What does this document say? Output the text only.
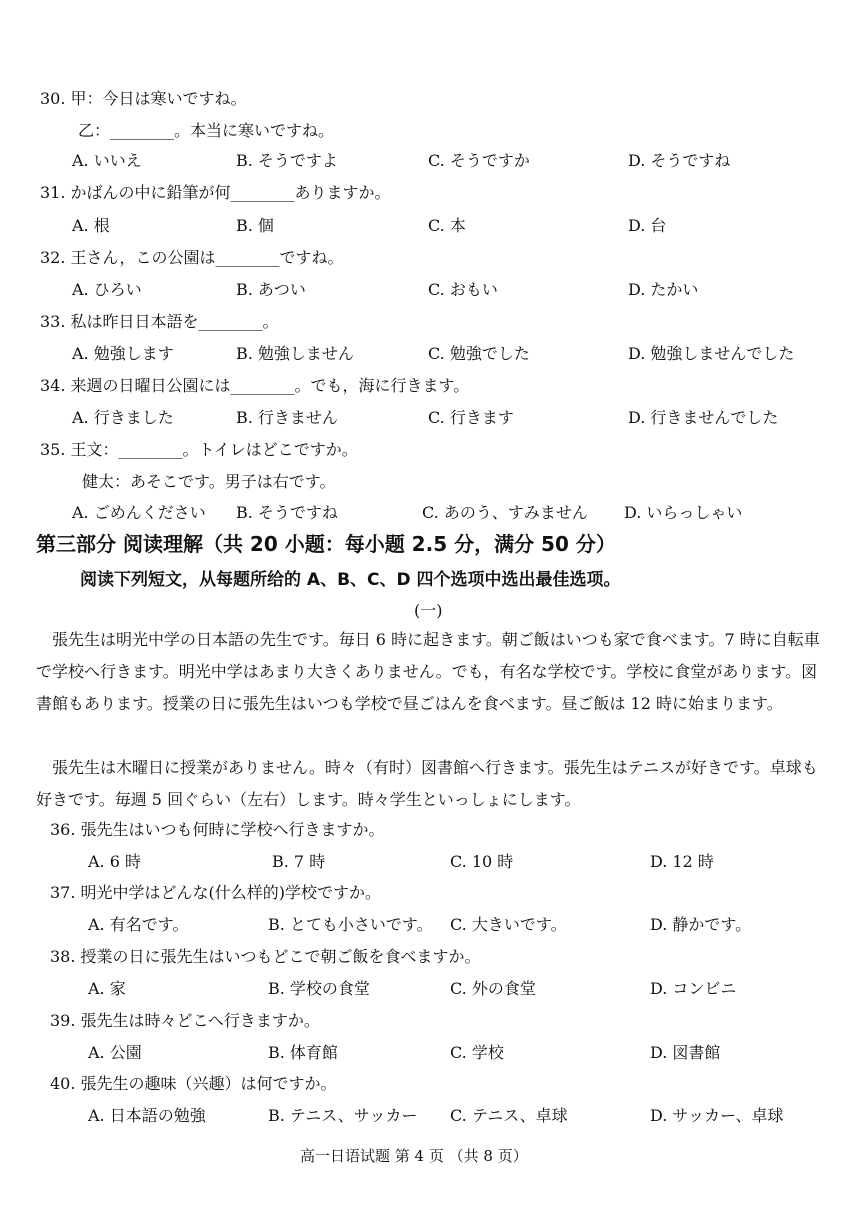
30. 甲：今日は寒いですね。
乙：________。本当に寒いですね。
A. いいえ	B. そうですよ	C. そうですか	D. そうですね
31. かばんの中に鉛筆が何________ありますか。
A. 根	B. 個	C. 本	D. 台
32. 王さん，この公園は________ですね。
A. ひろい	B. あつい	C. おもい	D. たかい
33. 私は昨日日本語を________。
A. 勉強します	B. 勉強しません	C. 勉強でした	D. 勉強しませんでした
34. 来週の日曜日公園には________。でも，海に行きます。
A. 行きました	B. 行きません	C. 行きます	D. 行きませんでした
35. 王文：________。トイレはどこですか。
健太：あそこです。男子は右です。
A. ごめんください B. そうですね	C. あのう、すみません D. いらっしゃい
第三部分 阅读理解（共 20 小题：每小题 2.5 分，满分 50 分）
阅读下列短文，从每题所给的 A、B、C、D 四个选项中选出最佳选项。
(一)
張先生は明光中学の日本語の先生です。毎日 6 時に起きます。朝ご飯はいつも家で食べます。7 時に自転車で学校へ行きます。明光中学はあまり大きくありません。でも，有名な学校です。学校に食堂があります。図書館もあります。授業の日に張先生はいつも学校で昼ごはんを食べます。昼ご飯は 12 時に始まります。
張先生は木曜日に授業がありません。時々（有时）図書館へ行きます。張先生はテニスが好きです。卓球も好きです。毎週 5 回ぐらい（左右）します。時々学生といっしょにします。
36. 張先生はいつも何時に学校へ行きますか。
A. 6 時	B. 7 時	C. 10 時	D. 12 時
37. 明光中学はどんな(什么样的)学校ですか。
A. 有名です。	B. とても小さいです。 C. 大きいです。	D. 静かです。
38. 授業の日に張先生はいつもどこで朝ご飯を食べますか。
A. 家	B. 学校の食堂	C. 外の食堂	D. コンビニ
39. 張先生は時々どこへ行きますか。
A. 公園	B. 体育館	C. 学校	D. 図書館
40. 張先生の趣味（兴趣）は何ですか。
A. 日本語の勉強	B. テニス、サッカー C. テニス、卓球	D. サッカー、卓球
高一日语试题 第 4 页 （共 8 页）
